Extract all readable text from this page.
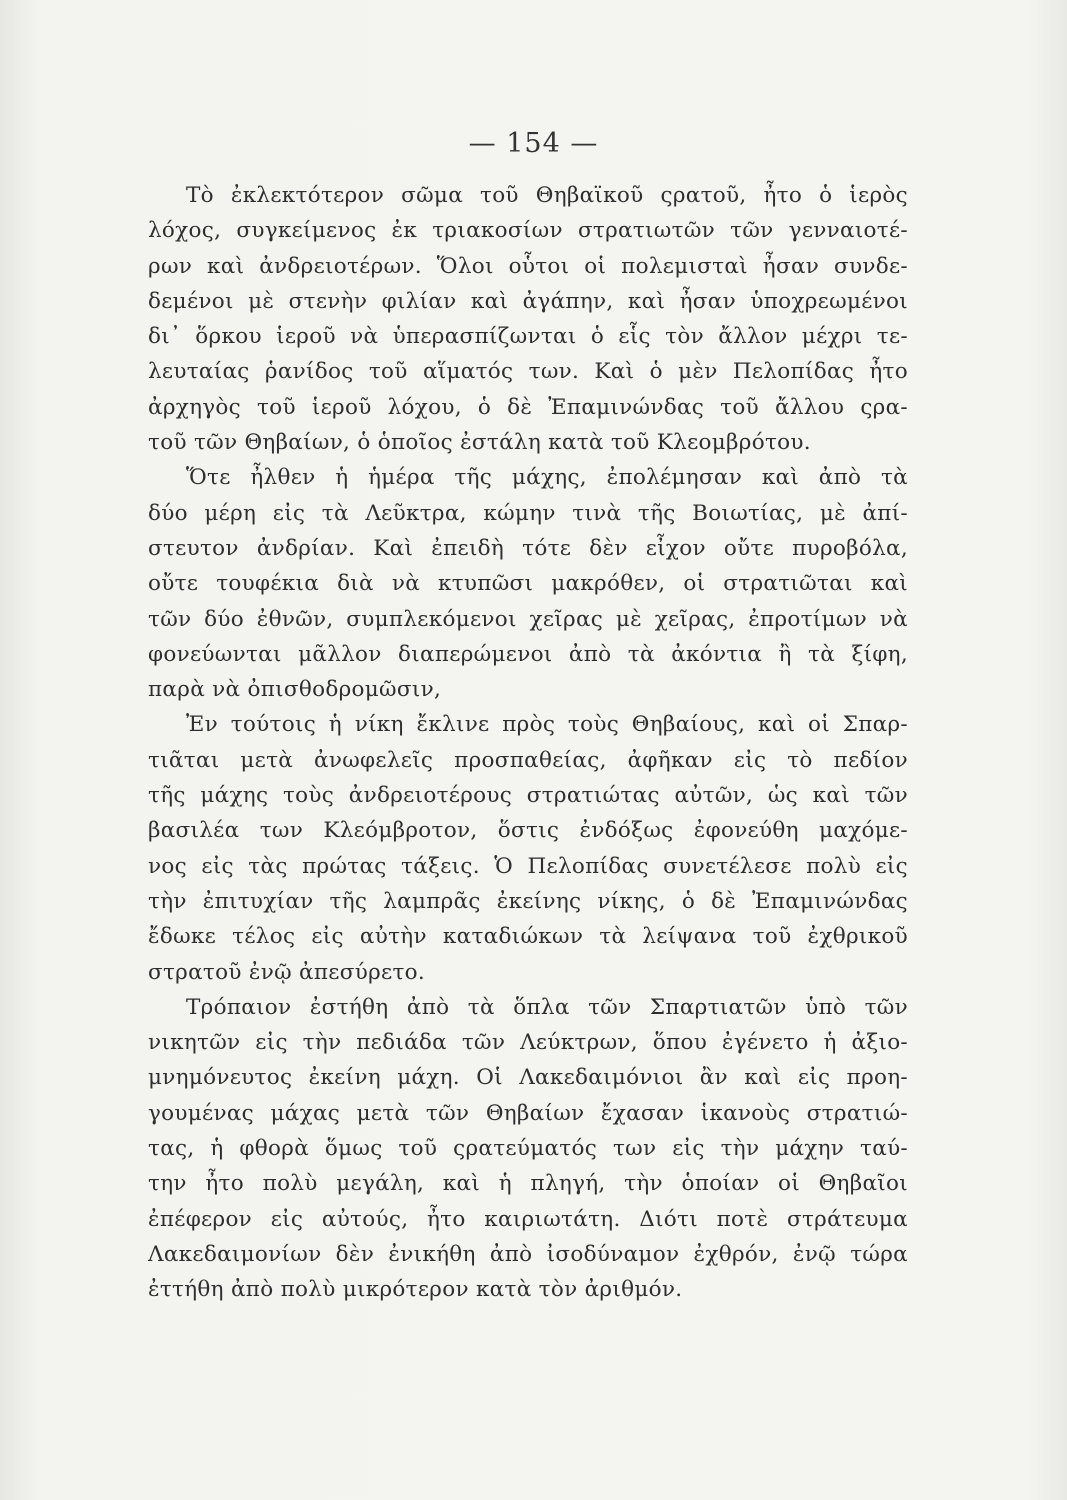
— 154 —
Τὸ ἐκλεκτότερον σῶμα τοῦ Θηβαϊκοῦ ςρατοῦ, ἦτο ὁ ἱερὸς
λόχος, συγκείμενος ἐκ τριακοσίων στρατιωτῶν τῶν γενναιοτέ-
ρων καὶ ἀνδρειοτέρων. Ὅλοι οὗτοι οἱ πολεμισταὶ ἦσαν συνδε-
δεμένοι μὲ στενὴν φιλίαν καὶ ἀγάπην, καὶ ἦσαν ὑποχρεωμένοι
δι᾽ ὅρκου ἱεροῦ νὰ ὑπερασπίζωνται ὁ εἷς τὸν ἄλλον μέχρι τε-
λευταίας ῥανίδος τοῦ αἵματός των. Καὶ ὁ μὲν Πελοπίδας ἦτο
ἀρχηγὸς τοῦ ἱεροῦ λόχου, ὁ δὲ Ἐπαμινώνδας τοῦ ἄλλου ςρα-
τοῦ τῶν Θηβαίων, ὁ ὁποῖος ἐστάλη κατὰ τοῦ Κλεομβρότου.
Ὅτε ἦλθεν ἡ ἡμέρα τῆς μάχης, ἐπολέμησαν καὶ ἀπὸ τὰ
δύο μέρη εἰς τὰ Λεῦκτρα, κώμην τινὰ τῆς Βοιωτίας, μὲ ἀπί-
στευτον ἀνδρίαν. Καὶ ἐπειδὴ τότε δὲν εἶχον οὔτε πυροβόλα,
οὔτε τουφέκια διὰ νὰ κτυπῶσι μακρόθεν, οἱ στρατιῶται καὶ
τῶν δύο ἐθνῶν, συμπλεκόμενοι χεῖρας μὲ χεῖρας, ἐπροτίμων νὰ
φονεύωνται μᾶλλον διαπερώμενοι ἀπὸ τὰ ἀκόντια ἢ τὰ ξίφη,
παρὰ νὰ ὀπισθοδρομῶσιν,
Ἐν τούτοις ἡ νίκη ἔκλινε πρὸς τοὺς Θηβαίους, καὶ οἱ Σπαρ-
τιᾶται μετὰ ἀνωφελεῖς προσπαθείας, ἀφῆκαν εἰς τὸ πεδίον
τῆς μάχης τοὺς ἀνδρειοτέρους στρατιώτας αὐτῶν, ὡς καὶ τῶν
βασιλέα των Κλεόμβροτον, ὅστις ἐνδόξως ἐφονεύθη μαχόμε-
νος εἰς τὰς πρώτας τάξεις. Ὁ Πελοπίδας συνετέλεσε πολὺ εἰς
τὴν ἐπιτυχίαν τῆς λαμπρᾶς ἐκείνης νίκης, ὁ δὲ Ἐπαμινώνδας
ἔδωκε τέλος εἰς αὐτὴν καταδιώκων τὰ λείψανα τοῦ ἐχθρικοῦ
στρατοῦ ἐνῷ ἀπεσύρετο.
Τρόπαιον ἐστήθη ἀπὸ τὰ ὅπλα τῶν Σπαρτιατῶν ὑπὸ τῶν
νικητῶν εἰς τὴν πεδιάδα τῶν Λεύκτρων, ὅπου ἐγένετο ἡ ἀξιο-
μνημόνευτος ἐκείνη μάχη. Οἱ Λακεδαιμόνιοι ἂν καὶ εἰς προη-
γουμένας μάχας μετὰ τῶν Θηβαίων ἔχασαν ἱκανοὺς στρατιώ-
τας, ἡ φθορὰ ὅμως τοῦ ςρατεύματός των εἰς τὴν μάχην ταύ-
την ἦτο πολὺ μεγάλη, καὶ ἡ πληγή, τὴν ὁποίαν οἱ Θηβαῖοι
ἐπέφερον εἰς αὐτούς, ἦτο καιριωτάτη. Διότι ποτὲ στράτευμα
Λακεδαιμονίων δὲν ἐνικήθη ἀπὸ ἰσοδύναμον ἐχθρόν, ἐνῷ τώρα
ἐττήθη ἀπὸ πολὺ μικρότερον κατὰ τὸν ἀριθμόν.
